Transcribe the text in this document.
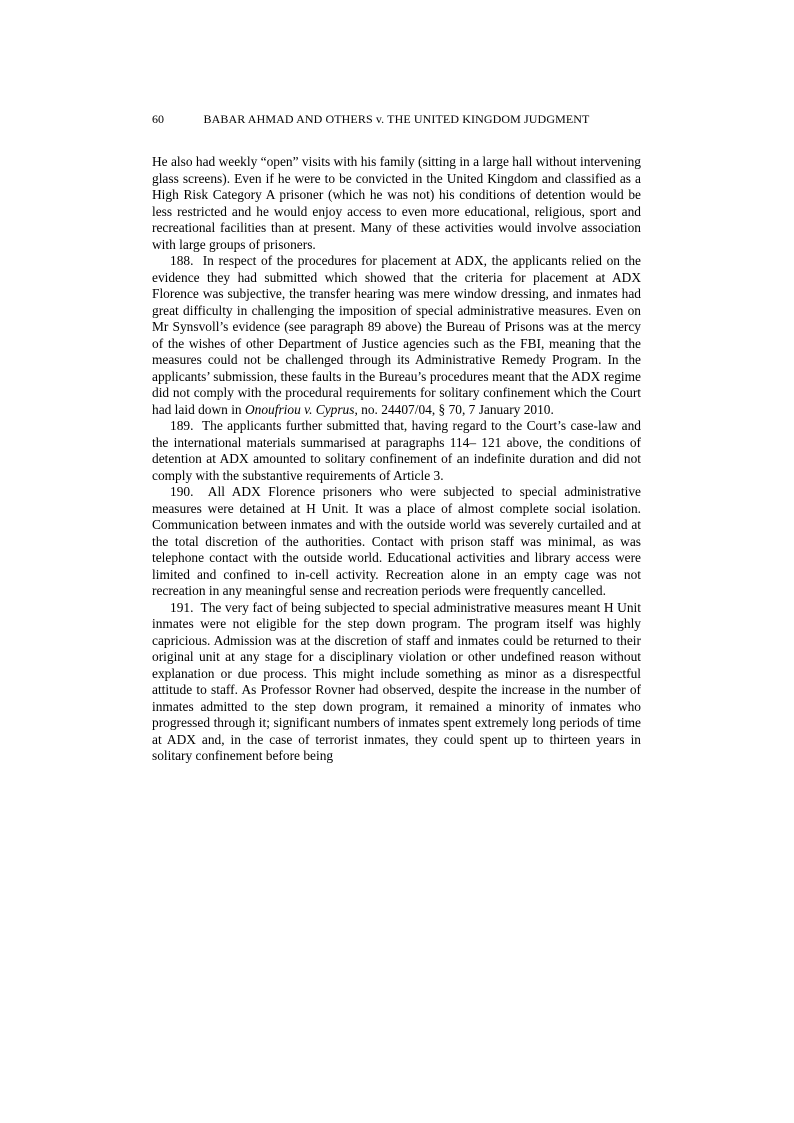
60	BABAR AHMAD AND OTHERS v. THE UNITED KINGDOM JUDGMENT

He also had weekly “open” visits with his family (sitting in a large hall without intervening glass screens). Even if he were to be convicted in the United Kingdom and classified as a High Risk Category A prisoner (which he was not) his conditions of detention would be less restricted and he would enjoy access to even more educational, religious, sport and recreational facilities than at present. Many of these activities would involve association with large groups of prisoners.

188.  In respect of the procedures for placement at ADX, the applicants relied on the evidence they had submitted which showed that the criteria for placement at ADX Florence was subjective, the transfer hearing was mere window dressing, and inmates had great difficulty in challenging the imposition of special administrative measures. Even on Mr Synsvoll’s evidence (see paragraph 89 above) the Bureau of Prisons was at the mercy of the wishes of other Department of Justice agencies such as the FBI, meaning that the measures could not be challenged through its Administrative Remedy Program. In the applicants’ submission, these faults in the Bureau’s procedures meant that the ADX regime did not comply with the procedural requirements for solitary confinement which the Court had laid down in Onoufriou v. Cyprus, no. 24407/04, § 70, 7 January 2010.

189.  The applicants further submitted that, having regard to the Court’s case-law and the international materials summarised at paragraphs 114– 121 above, the conditions of detention at ADX amounted to solitary confinement of an indefinite duration and did not comply with the substantive requirements of Article 3.

190.  All ADX Florence prisoners who were subjected to special administrative measures were detained at H Unit. It was a place of almost complete social isolation. Communication between inmates and with the outside world was severely curtailed and at the total discretion of the authorities. Contact with prison staff was minimal, as was telephone contact with the outside world. Educational activities and library access were limited and confined to in-cell activity. Recreation alone in an empty cage was not recreation in any meaningful sense and recreation periods were frequently cancelled.

191.  The very fact of being subjected to special administrative measures meant H Unit inmates were not eligible for the step down program. The program itself was highly capricious. Admission was at the discretion of staff and inmates could be returned to their original unit at any stage for a disciplinary violation or other undefined reason without explanation or due process. This might include something as minor as a disrespectful attitude to staff. As Professor Rovner had observed, despite the increase in the number of inmates admitted to the step down program, it remained a minority of inmates who progressed through it; significant numbers of inmates spent extremely long periods of time at ADX and, in the case of terrorist inmates, they could spent up to thirteen years in solitary confinement before being
